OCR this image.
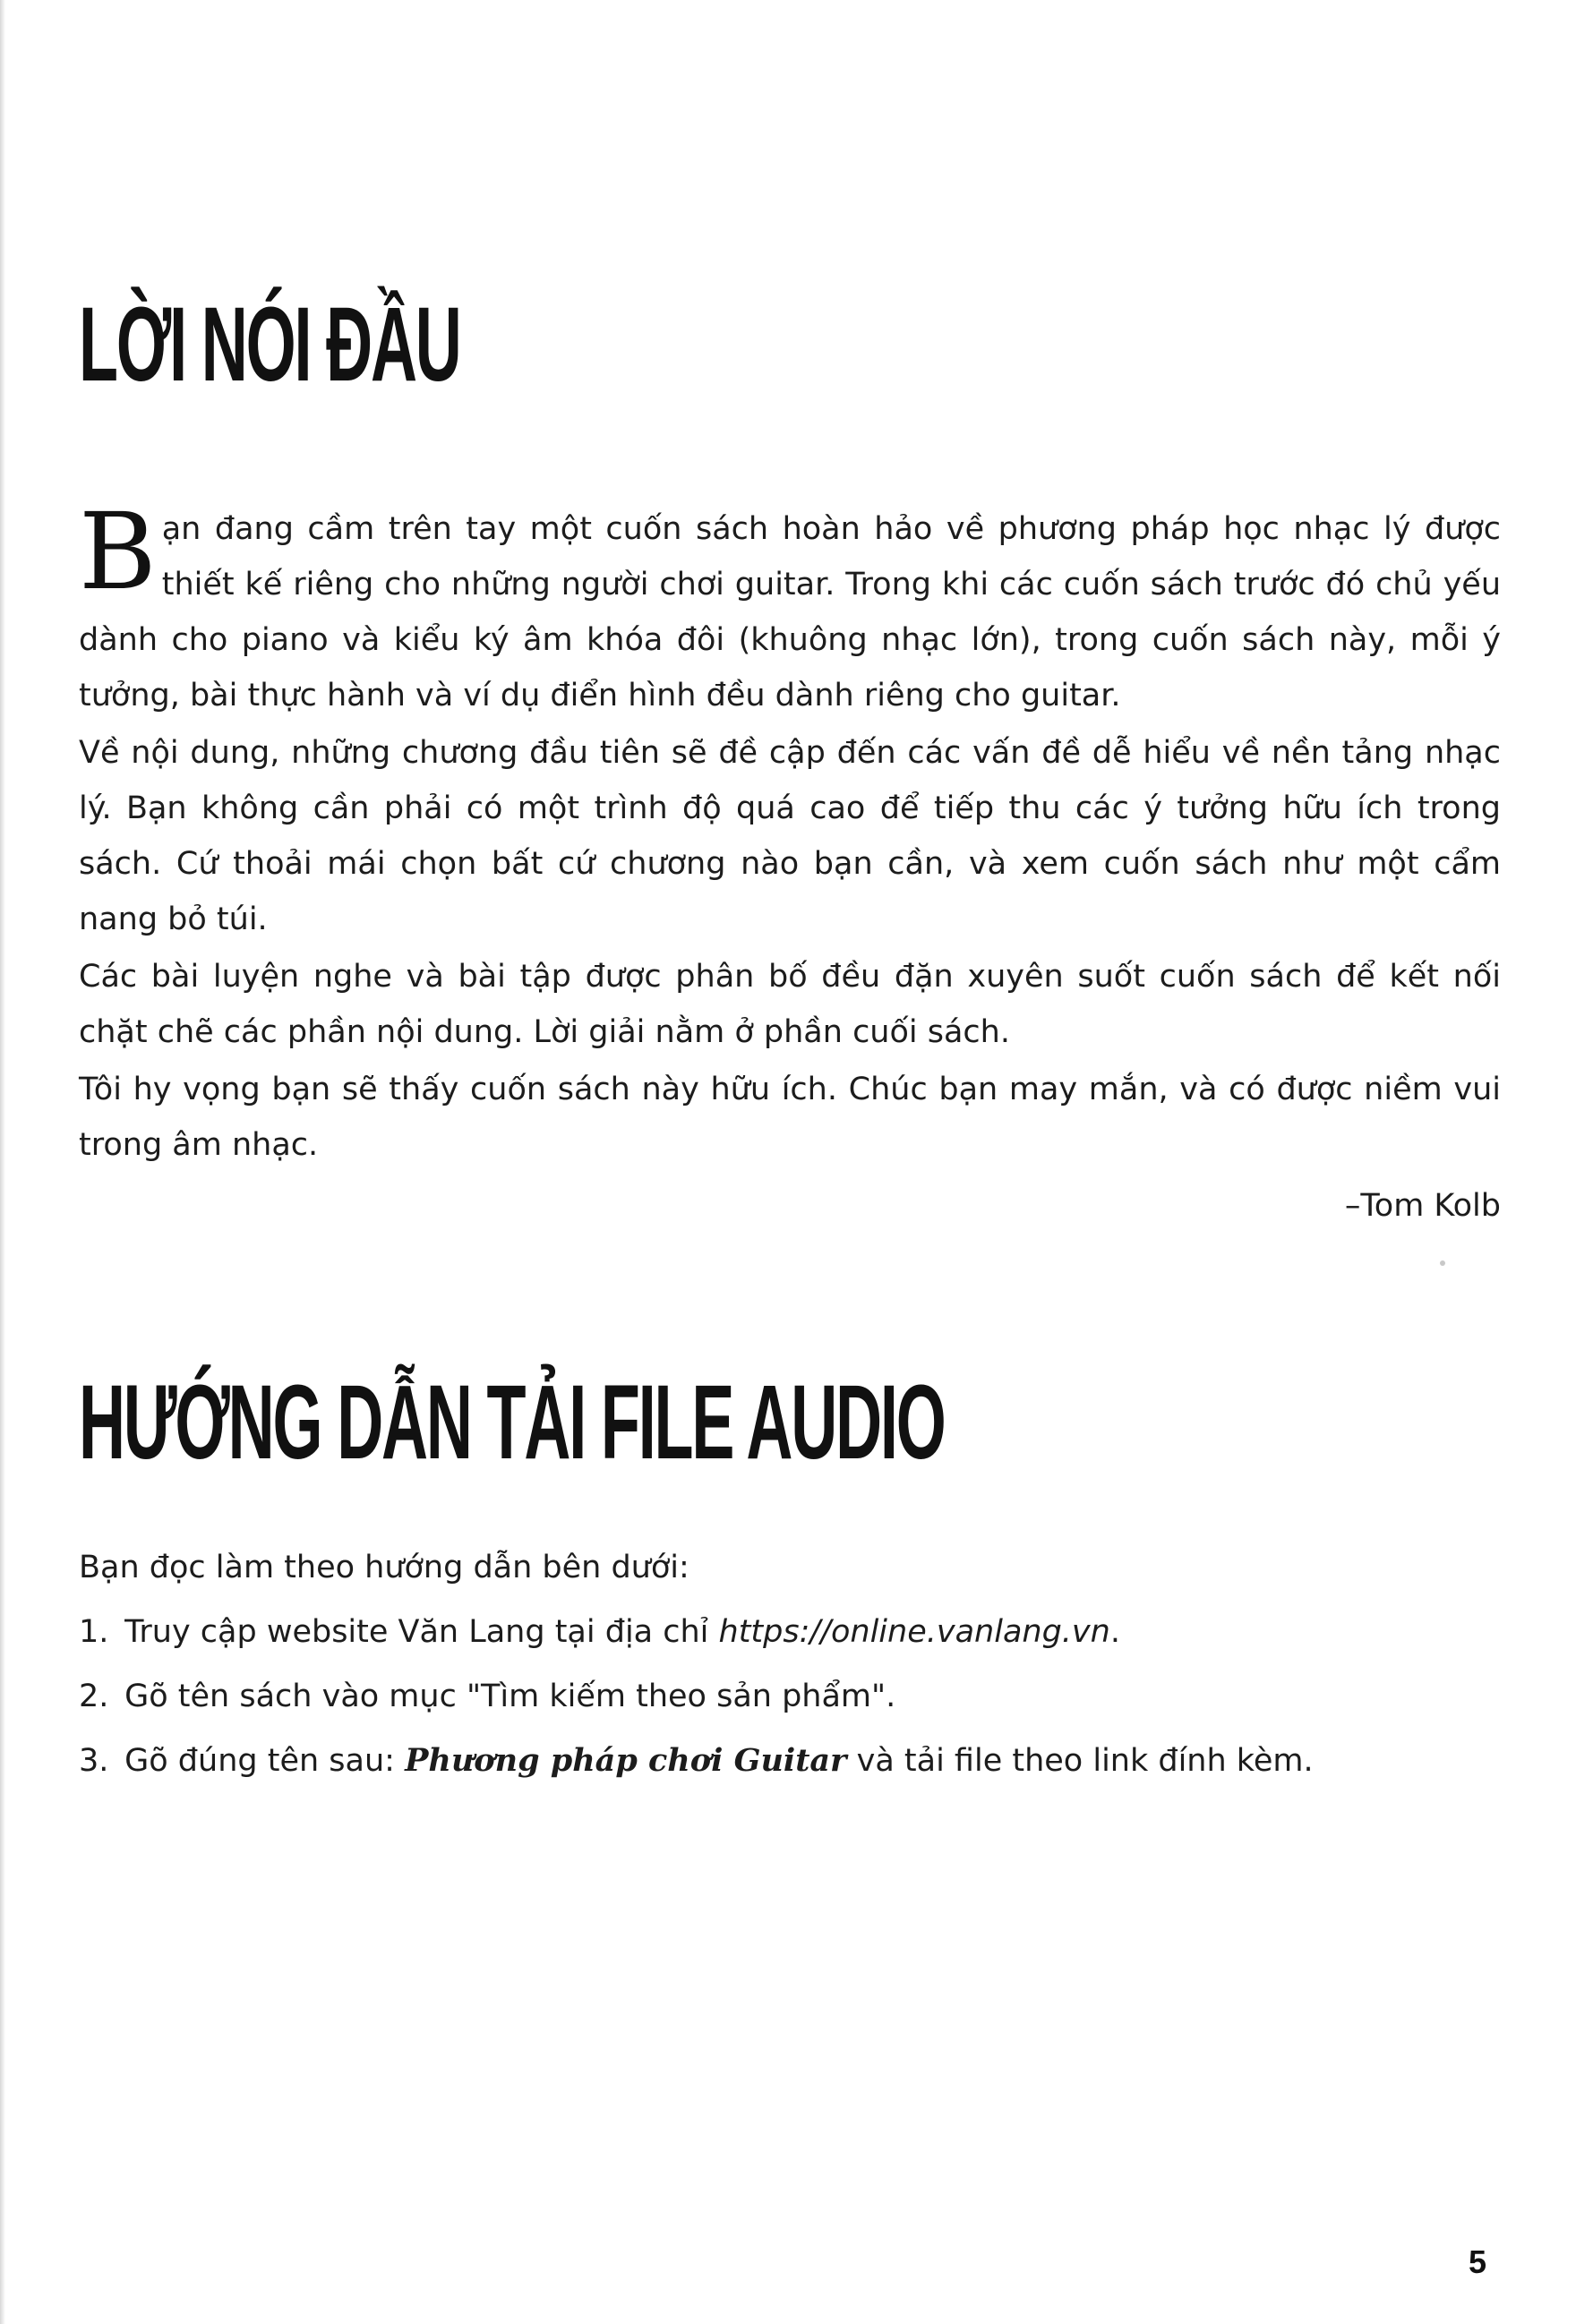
LỜI NÓI ĐẦU

Bạn đang cầm trên tay một cuốn sách hoàn hảo về phương pháp học nhạc lý được thiết kế riêng cho những người chơi guitar. Trong khi các cuốn sách trước đó chủ yếu dành cho piano và kiểu ký âm khóa đôi (khuông nhạc lớn), trong cuốn sách này, mỗi ý tưởng, bài thực hành và ví dụ điển hình đều dành riêng cho guitar.

Về nội dung, những chương đầu tiên sẽ đề cập đến các vấn đề dễ hiểu về nền tảng nhạc lý. Bạn không cần phải có một trình độ quá cao để tiếp thu các ý tưởng hữu ích trong sách. Cứ thoải mái chọn bất cứ chương nào bạn cần, và xem cuốn sách như một cẩm nang bỏ túi.

Các bài luyện nghe và bài tập được phân bố đều đặn xuyên suốt cuốn sách để kết nối chặt chẽ các phần nội dung. Lời giải nằm ở phần cuối sách.

Tôi hy vọng bạn sẽ thấy cuốn sách này hữu ích. Chúc bạn may mắn, và có được niềm vui trong âm nhạc.

–Tom Kolb

HƯỚNG DẪN TẢI FILE AUDIO

Bạn đọc làm theo hướng dẫn bên dưới:

1. Truy cập website Văn Lang tại địa chỉ https://online.vanlang.vn.

2. Gõ tên sách vào mục "Tìm kiếm theo sản phẩm".

3. Gõ đúng tên sau: Phương pháp chơi Guitar và tải file theo link đính kèm.

5
